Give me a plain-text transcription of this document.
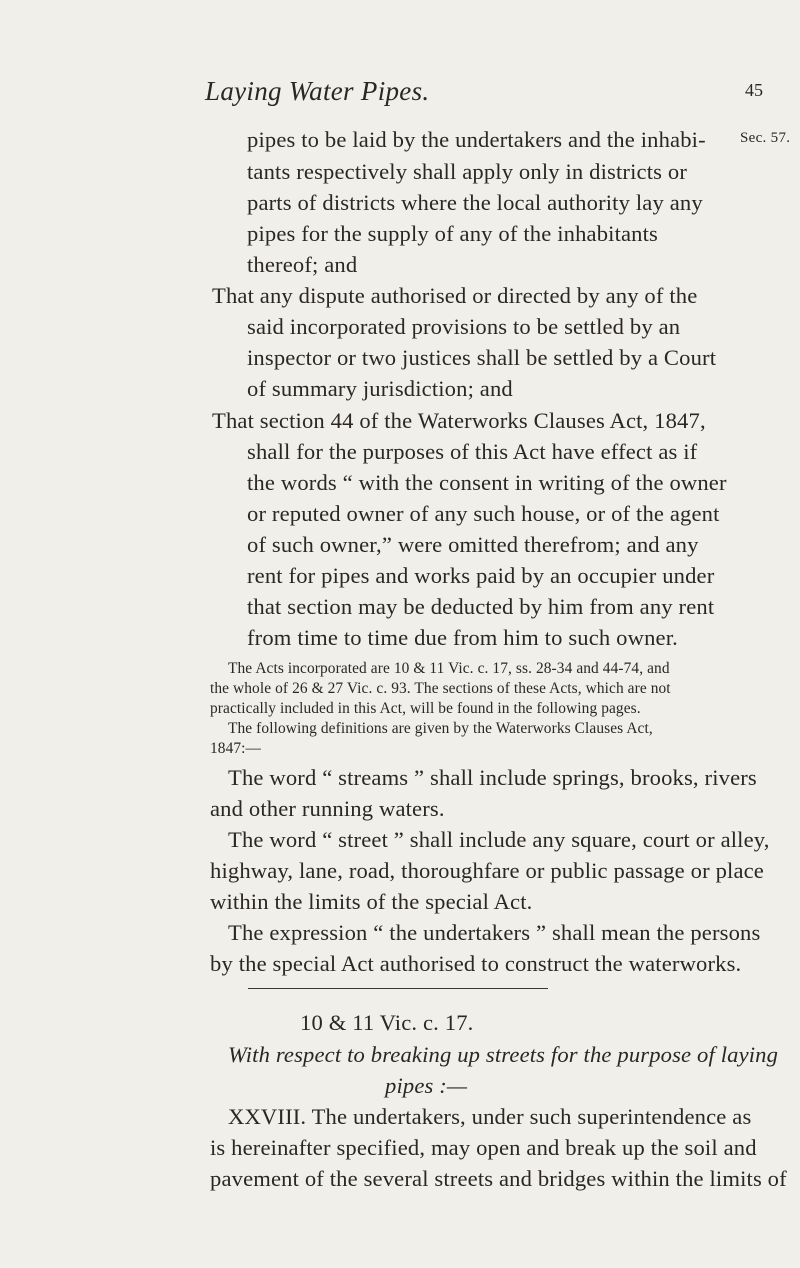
Laying Water Pipes.	45
Sec. 57.
pipes to be laid by the undertakers and the inhabi-
tants respectively shall apply only in districts or
parts of districts where the local authority lay any
pipes for the supply of any of the inhabitants
thereof; and
That any dispute authorised or directed by any of the
said incorporated provisions to be settled by an
inspector or two justices shall be settled by a Court
of summary jurisdiction; and
That section 44 of the Waterworks Clauses Act, 1847,
shall for the purposes of this Act have effect as if
the words “ with the consent in writing of the owner
or reputed owner of any such house, or of the agent
of such owner,” were omitted therefrom; and any
rent for pipes and works paid by an occupier under
that section may be deducted by him from any rent
from time to time due from him to such owner.
The Acts incorporated are 10 & 11 Vic. c. 17, ss. 28-34 and 44-74, and
the whole of 26 & 27 Vic. c. 93. The sections of these Acts, which are not
practically included in this Act, will be found in the following pages.
The following definitions are given by the Waterworks Clauses Act,
1847:—
The word “ streams ” shall include springs, brooks, rivers
and other running waters.
The word “ street ” shall include any square, court or alley,
highway, lane, road, thoroughfare or public passage or place
within the limits of the special Act.
The expression “ the undertakers ” shall mean the persons
by the special Act authorised to construct the waterworks.
10 & 11 Vic. c. 17.
With respect to breaking up streets for the purpose of laying
pipes :—
XXVIII. The undertakers, under such superintendence as
is hereinafter specified, may open and break up the soil and
pavement of the several streets and bridges within the limits of
